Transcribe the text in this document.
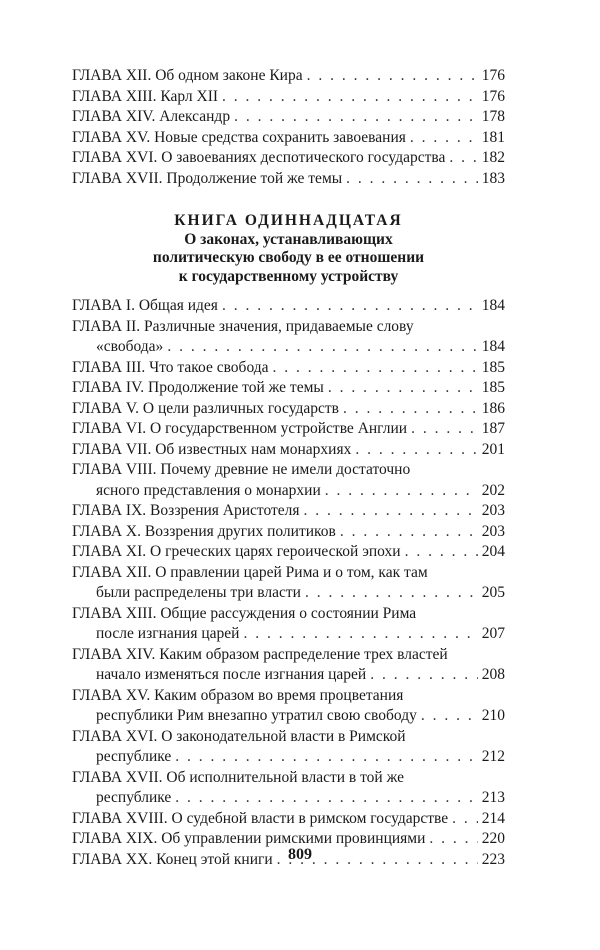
ГЛАВА XII. Об одном законе Кира . . .	176
ГЛАВА XIII. Карл XII . . .	176
ГЛАВА XIV. Александр . . .	178
ГЛАВА XV. Новые средства сохранить завоевания . . .	181
ГЛАВА XVI. О завоеваниях деспотического государства . . . 182
ГЛАВА XVII. Продолжение той же темы . . .	183
КНИГА ОДИННАДЦАТАЯ
О законах, устанавливающих
политическую свободу в ее отношении
к государственному устройству
ГЛАВА I. Общая идея . . .	184
ГЛАВА II. Различные значения, придаваемые слову
«свобода» . . .	184
ГЛАВА III. Что такое свобода . . .	185
ГЛАВА IV. Продолжение той же темы . . .	185
ГЛАВА V. О цели различных государств . . .	186
ГЛАВА VI. О государственном устройстве Англии . . .	187
ГЛАВА VII. Об известных нам монархиях . . .	201
ГЛАВА VIII. Почему древние не имели достаточно
ясного представления о монархии . . .	202
ГЛАВА IX. Воззрения Аристотеля . . .	203
ГЛАВА X. Воззрения других политиков . . .	203
ГЛАВА XI. О греческих царях героической эпохи . . .	204
ГЛАВА XII. О правлении царей Рима и о том, как там
были распределены три власти . . .	205
ГЛАВА XIII. Общие рассуждения о состоянии Рима
после изгнания царей . . .	207
ГЛАВА XIV. Каким образом распределение трех властей
начало изменяться после изгнания царей . . .	208
ГЛАВА XV. Каким образом во время процветания
республики Рим внезапно утратил свою свободу . . .	210
ГЛАВА XVI. О законодательной власти в Римской
республике . . .	212
ГЛАВА XVII. Об исполнительной власти в той же
республике . . .	213
ГЛАВА XVIII. О судебной власти в римском государстве . . . 214
ГЛАВА XIX. Об управлении римскими провинциями . . .	220
ГЛАВА XX. Конец этой книги . . .	223
809
